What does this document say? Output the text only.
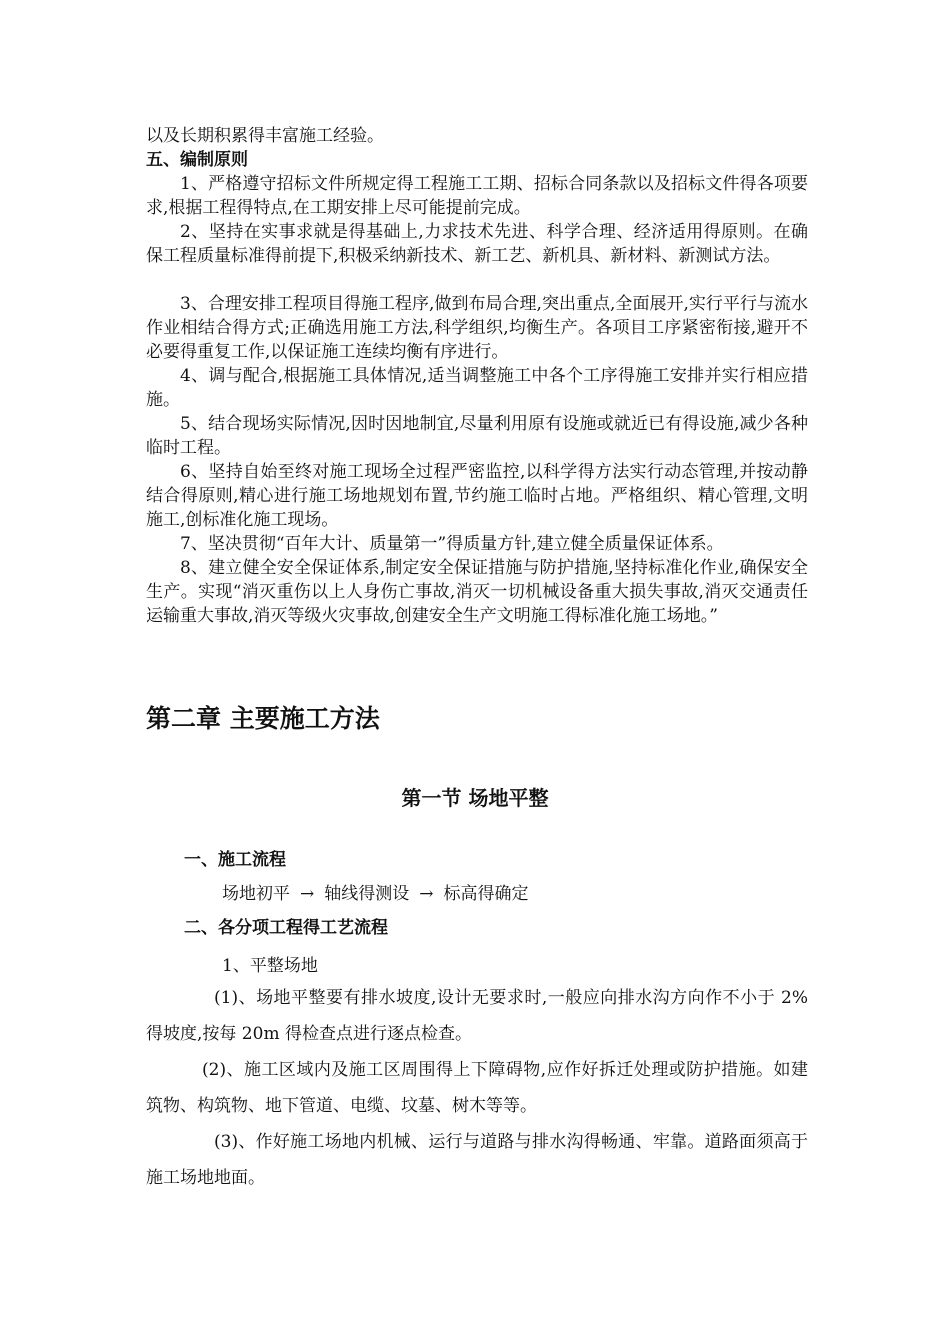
以及长期积累得丰富施工经验。

五、编制原则

1、严格遵守招标文件所规定得工程施工工期、招标合同条款以及招标文件得各项要求,根据工程得特点,在工期安排上尽可能提前完成。

2、坚持在实事求就是得基础上,力求技术先进、科学合理、经济适用得原则。在确保工程质量标准得前提下,积极采纳新技术、新工艺、新机具、新材料、新测试方法。

3、合理安排工程项目得施工程序,做到布局合理,突出重点,全面展开,实行平行与流水作业相结合得方式;正确选用施工方法,科学组织,均衡生产。各项目工序紧密衔接,避开不必要得重复工作,以保证施工连续均衡有序进行。

4、调与配合,根据施工具体情况,适当调整施工中各个工序得施工安排并实行相应措施。

5、结合现场实际情况,因时因地制宜,尽量利用原有设施或就近已有得设施,减少各种临时工程。

6、坚持自始至终对施工现场全过程严密监控,以科学得方法实行动态管理,并按动静结合得原则,精心进行施工场地规划布置,节约施工临时占地。严格组织、精心管理,文明施工,创标准化施工现场。

7、坚决贯彻“百年大计、质量第一”得质量方针,建立健全质量保证体系。

8、建立健全安全保证体系,制定安全保证措施与防护措施,坚持标准化作业,确保安全生产。实现“消灭重伤以上人身伤亡事故,消灭一切机械设备重大损失事故,消灭交通责任运输重大事故,消灭等级火灾事故,创建安全生产文明施工得标准化施工场地。”

第二章 主要施工方法
第一节 场地平整

一、施工流程

场地初平 → 轴线得测设 → 标高得确定

二、各分项工程得工艺流程

1、平整场地

(1)、场地平整要有排水坡度,设计无要求时,一般应向排水沟方向作不小于 2%得坡度,按每 20m 得检查点进行逐点检查。

(2)、施工区域内及施工区周围得上下障碍物,应作好拆迁处理或防护措施。如建筑物、构筑物、地下管道、电缆、坟墓、树木等等。

(3)、作好施工场地内机械、运行与道路与排水沟得畅通、牢靠。道路面须高于施工场地地面。
